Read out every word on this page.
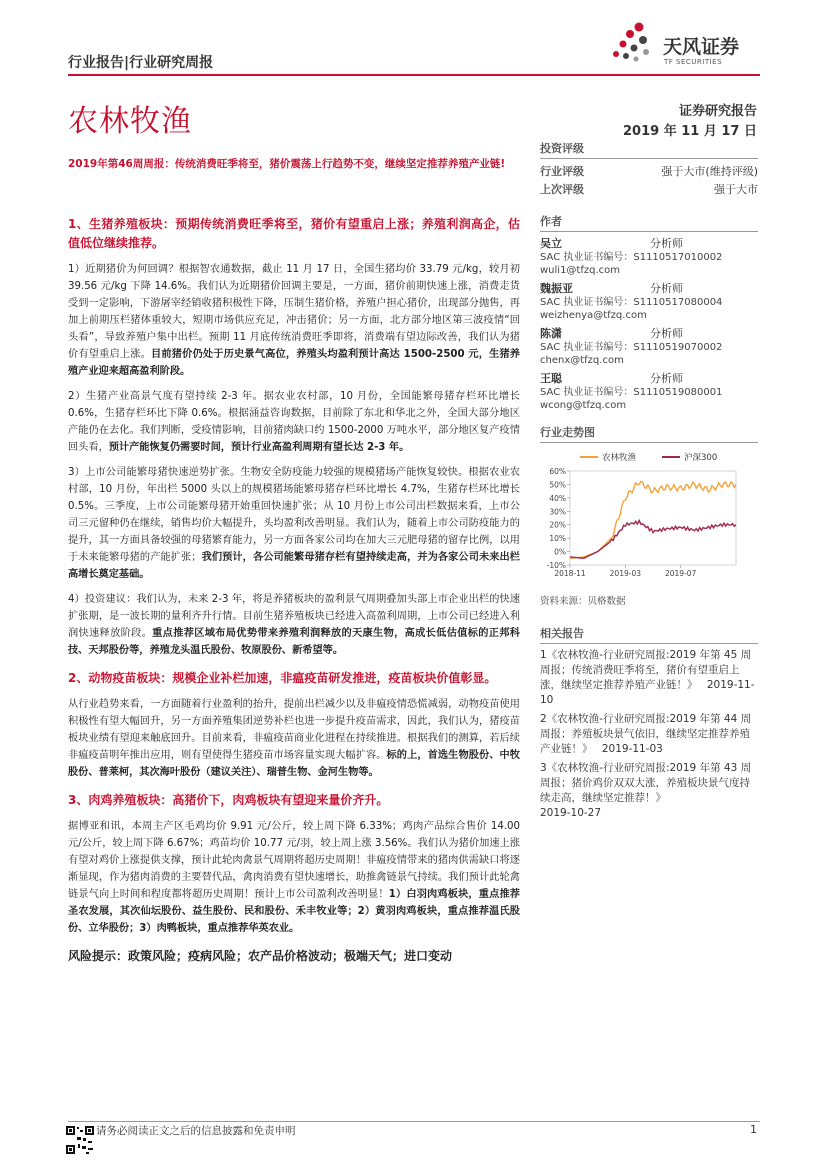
行业报告|行业研究周报
天风证券
TF SECURITIES
农林牧渔	证券研究报告
2019 年 11 月 17 日
2019年第46周周报：传统消费旺季将至，猪价震荡上行趋势不变，继续坚定推荐养殖产业链!
1、生猪养殖板块：预期传统消费旺季将至，猪价有望重启上涨；养殖利润高企，估值低位继续推荐。

1）近期猪价为何回调？根据智农通数据，截止 11 月 17 日，全国生猪均价 33.79 元/kg，较月初 39.56 元/kg 下降 14.6%。我们认为近期猪价回调主要是，一方面，猪价前期快速上涨，消费走货受到一定影响，下游屠宰经销收猪积极性下降，压制生猪价格，养殖户担心猪价，出现部分抛售，再加上前期压栏猪体重较大，短期市场供应充足，冲击猪价；另一方面，北方部分地区第三波疫情“回头看”，导致养殖户集中出栏。预期 11 月底传统消费旺季即将，消费端有望边际改善，我们认为猪价有望重启上涨。目前猪价仍处于历史景气高位，养殖头均盈利预计高达 1500-2500 元，生猪养殖产业迎来超高盈利阶段。

2）生猪产业高景气度有望持续 2-3 年。据农业农村部，10 月份，全国能繁母猪存栏环比增长 0.6%，生猪存栏环比下降 0.6%。根据涌益咨询数据，目前除了东北和华北之外，全国大部分地区产能仍在去化。我们判断，受疫情影响，目前猪肉缺口约 1500-2000 万吨水平，部分地区复产疫情回头看，预计产能恢复仍需要时间，预计行业高盈利周期有望长达 2-3 年。

3）上市公司能繁母猪快速逆势扩张。生物安全防疫能力较强的规模猪场产能恢复较快。根据农业农村部，10 月份，年出栏 5000 头以上的规模猪场能繁母猪存栏环比增长 4.7%，生猪存栏环比增长 0.5%。三季度，上市公司能繁母猪开始重回快速扩张；从 10 月份上市公司出栏数据来看，上市公司三元留种仍在继续，销售均价大幅提升，头均盈利改善明显。我们认为，随着上市公司防疫能力的提升，其一方面具备较强的母猪繁育能力，另一方面各家公司均在加大三元肥母猪的留存比例，以用于未来能繁母猪的产能扩张；我们预计，各公司能繁母猪存栏有望持续走高，并为各家公司未来出栏高增长奠定基础。

4）投资建议：我们认为，未来 2-3 年，将是养猪板块的盈利景气周期叠加头部上市企业出栏的快速扩张期，是一波长期的量利齐升行情。目前生猪养殖板块已经进入高盈利周期，上市公司已经进入利润快速释放阶段。重点推荐区域布局优势带来养殖利润释放的天康生物，高成长低估值标的正邦科技、天邦股份等，养殖龙头温氏股份、牧原股份、新希望等。

2、动物疫苗板块：规模企业补栏加速，非瘟疫苗研发推进，疫苗板块价值彰显。

从行业趋势来看，一方面随着行业盈利的抬升，提前出栏减少以及非瘟疫情恐慌减弱，动物疫苗使用积极性有望大幅回升，另一方面养殖集团逆势补栏也进一步提升疫苗需求，因此，我们认为，猪疫苗板块业绩有望迎来触底回升。目前来看，非瘟疫苗商业化进程在持续推进。根据我们的测算，若后续非瘟疫苗明年推出应用，则有望使得生猪疫苗市场容量实现大幅扩容。标的上，首选生物股份、中牧股份、普莱柯，其次海叶股份（建议关注）、瑞普生物、金河生物等。

3、肉鸡养殖板块：高猪价下，肉鸡板块有望迎来量价齐升。

据博亚和讯，本周主产区毛鸡均价 9.91 元/公斤，较上周下降 6.33%；鸡肉产品综合售价 14.00 元/公斤，较上周下降 6.67%；鸡苗均价 10.77 元/羽，较上周上涨 3.56%。我们认为猪价加速上涨有望对鸡价上涨提供支撑，预计此轮肉禽景气周期将超历史周期！非瘟疫情带来的猪肉供需缺口将逐渐显现，作为猪肉消费的主要替代品，禽肉消费有望快速增长，助推禽链景气持续。我们预计此轮禽链景气向上时间和程度都将超历史周期！预计上市公司盈利改善明显！1）白羽肉鸡板块，重点推荐圣农发展，其次仙坛股份、益生股份、民和股份、禾丰牧业等；2）黄羽肉鸡板块，重点推荐温氏股份、立华股份；3）肉鸭板块，重点推荐华英农业。

风险提示：政策风险；疫病风险；农产品价格波动；极端天气；进口变动
投资评级
行业评级	强于大市(维持评级)
上次评级	强于大市
作者
吴立	分析师
SAC 执业证书编号：S1110517010002
wuli1@tfzq.com
魏振亚	分析师
SAC 执业证书编号：S1110517080004
weizhenya@tfzq.com
陈潇	分析师
SAC 执业证书编号：S1110519070002
chenx@tfzq.com
王聪	分析师
SAC 执业证书编号：S1110519080001
wcong@tfzq.com
行业走势图
-10%
0%
10%
20%
30%
40%
50%
60%
2018-11	2019-03	2019-07
农林牧渔	沪深300
资料来源：贝格数据
相关报告
1《农林牧渔-行业研究周报:2019 年第 45 周周报；传统消费旺季将至，猪价有望重启上涨，继续坚定推荐养殖产业链！》 2019-11-10
2《农林牧渔-行业研究周报:2019 年第 44 周周报；养殖板块景气依旧，继续坚定推荐养殖产业链！》 2019-11-03
3《农林牧渔-行业研究周报:2019 年第 43 周周报；猪价鸡价双双大涨，养殖板块景气度持续走高，继续坚定推荐！》
2019-10-27
请务必阅读正文之后的信息披露和免责申明	1
